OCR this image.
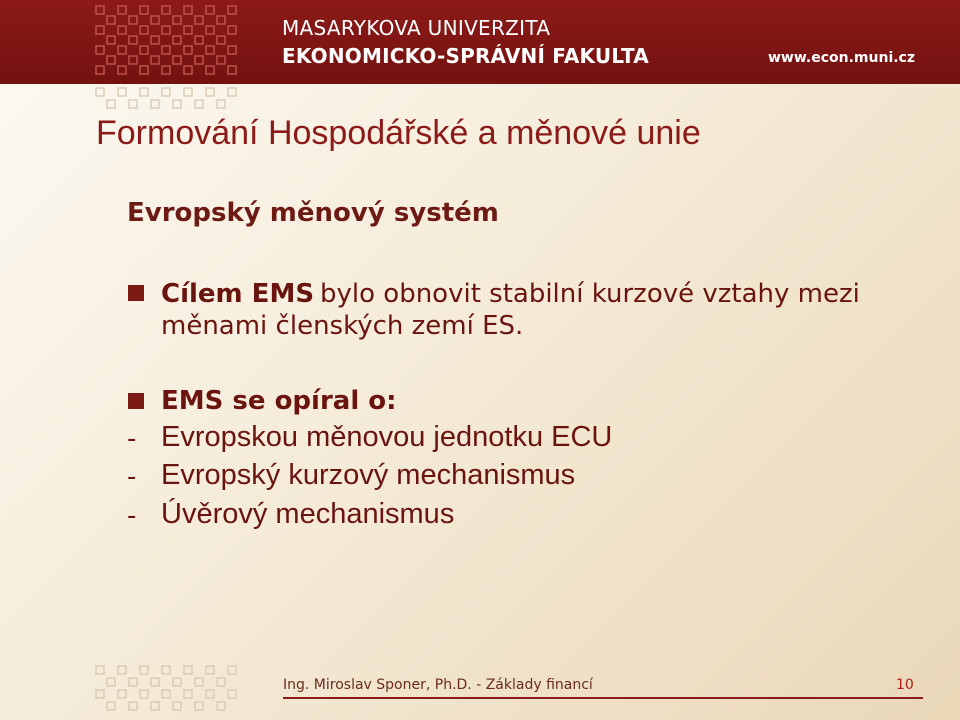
MASARYKOVA UNIVERZITA
EKONOMICKO-SPRÁVNÍ FAKULTA	www.econ.muni.cz
Formování Hospodářské a měnové unie
Evropský měnový systém
Cílem EMS bylo obnovit stabilní kurzové vztahy mezi
měnami členských zemí ES.
EMS se opíral o:
- Evropskou měnovou jednotku ECU
- Evropský kurzový mechanismus
- Úvěrový mechanismus
Ing. Miroslav Sponer, Ph.D. - Základy financí	10
